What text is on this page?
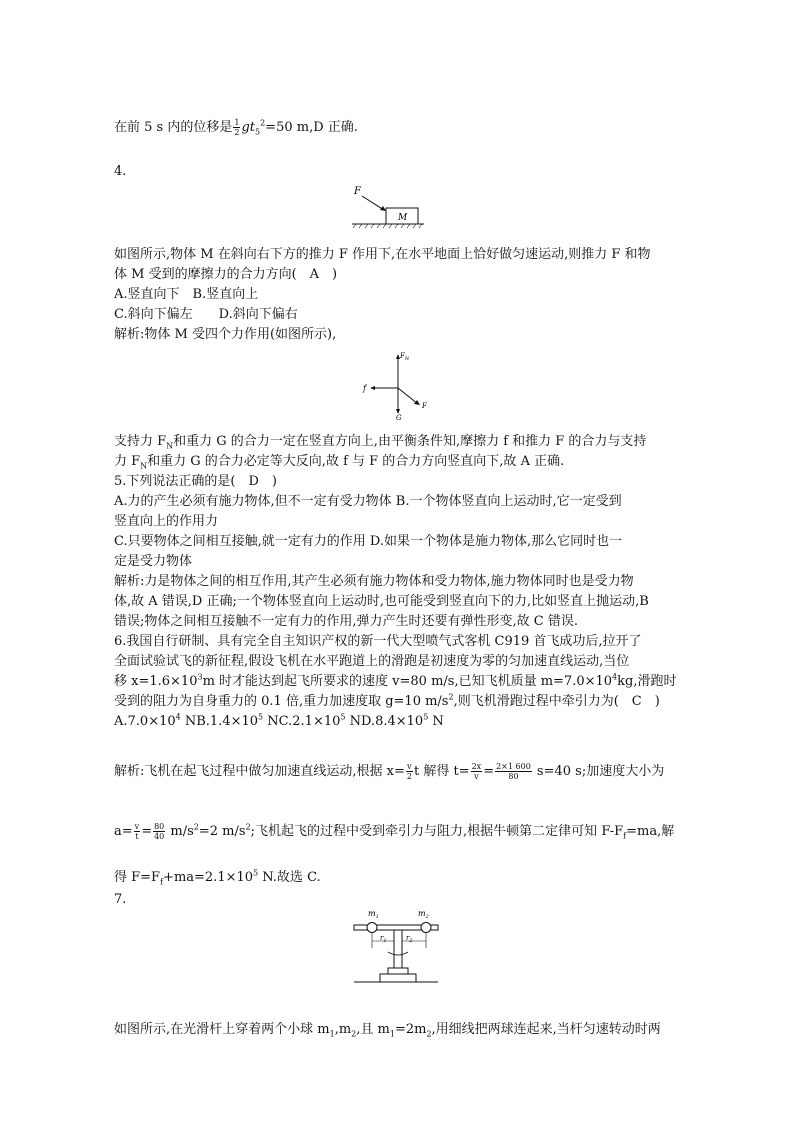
在前 5 s 内的位移是 $\frac{1}{2} gt_5^2=50$ m,D 正确.
4.
F
M
如图所示,物体 M 在斜向右下方的推力 F 作用下,在水平地面上恰好做匀速运动,则推力 F 和物
体 M 受到的摩擦力的合力方向(　A　)
A.竖直向下　B.竖直向上
C.斜向下偏左　　D.斜向下偏右
解析:物体 M 受四个力作用(如图所示),
$F_N$
f
G
F
支持力 $F_N$和重力 G 的合力一定在竖直方向上,由平衡条件知,摩擦力 f 和推力 F 的合力与支持
力 $F_N$和重力 G 的合力必定等大反向,故 f 与 F 的合力方向竖直向下,故 A 正确.
5.下列说法正确的是(　D　)
A.力的产生必须有施力物体,但不一定有受力物体 B.一个物体竖直向上运动时,它一定受到
竖直向上的作用力
C.只要物体之间相互接触,就一定有力的作用 D.如果一个物体是施力物体,那么它同时也一
定是受力物体
解析:力是物体之间的相互作用,其产生必须有施力物体和受力物体,施力物体同时也是受力物
体,故 A 错误,D 正确;一个物体竖直向上运动时,也可能受到竖直向下的力,比如竖直上抛运动,B
错误;物体之间相互接触不一定有力的作用,弹力产生时还要有弹性形变,故 C 错误.
6.我国自行研制、具有完全自主知识产权的新一代大型喷气式客机 C919 首飞成功后,拉开了
全面试验试飞的新征程,假设飞机在水平跑道上的滑跑是初速度为零的匀加速直线运动,当位
移 $x=1.6\times 10^3m$ 时才能达到起飞所要求的速度 v=80 m/s,已知飞机质量 $m=7.0\times 10^4kg$,滑跑时
受到的阻力为自身重力的 0.1 倍,重力加速度取 g=10 $m/s^2$,则飞机滑跑过程中牵引力为(　C　)
$A.7.0\times 10^4$ $NB.1.4\times 10^5$ $NC.2.1\times 10^5$ $ND.8.4\times 10^5$ N
解析:飞机在起飞过程中做匀加速直线运动,根据 $x= \frac{v}{2}$ t 解得 $t= \frac{2x}{v} = \frac{2\times 1 600}{80} s=40$ s;加速度大小为
$a= \frac{v}{t} = \frac{80}{40} m/s^2=2$ $m/s^2$;飞机起飞的过程中受到牵引力与阻力,根据牛顿第二定律可知 $F-F_f=ma$,解
得 $F=F_f+ma=2.1\times 10^5$ N.故选 C.
7.
$m_1$	$m_2$
$r_1$	$r_2$
如图所示,在光滑杆上穿着两个小球 $m_1,m_2$,且 $m_1=2m_2$,用细线把两球连起来,当杆匀速转动时两
